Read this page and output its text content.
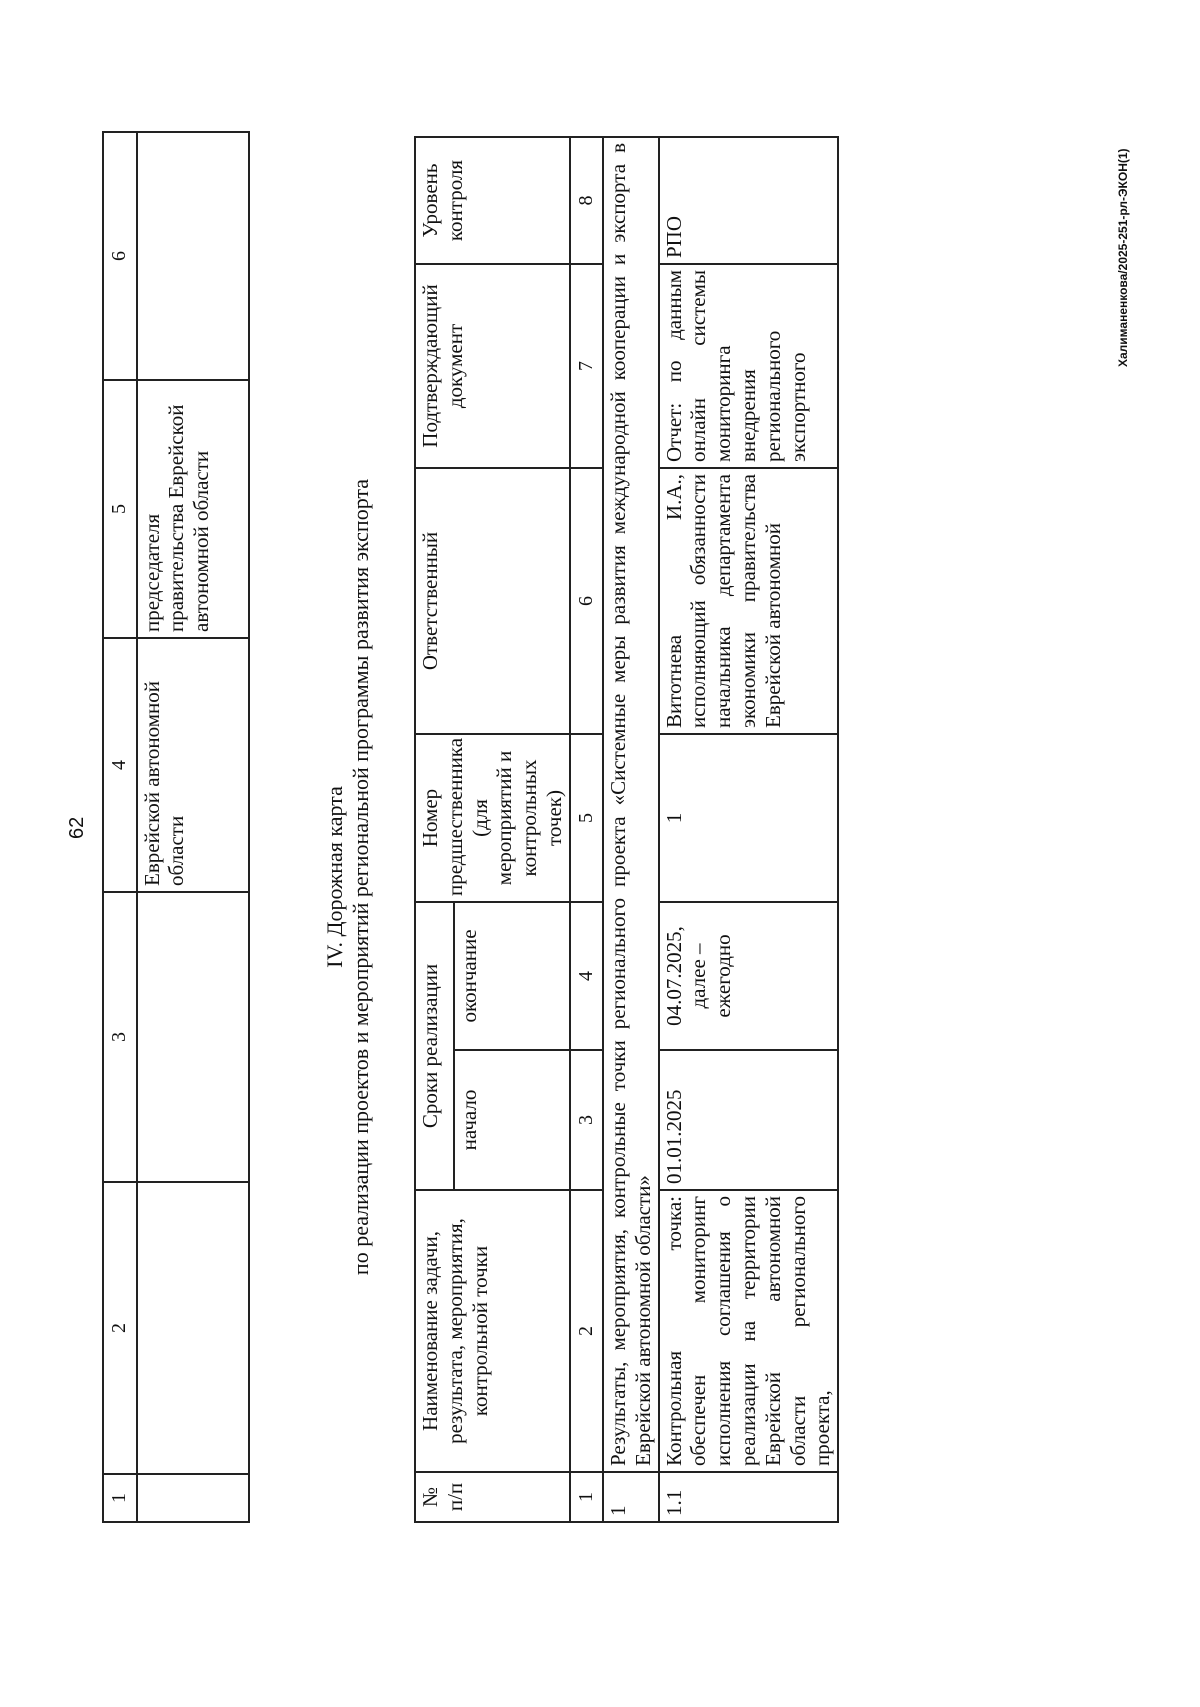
62
1	2	3	4	5	6
			Еврейской автономной области	председателя правительства Еврейской автономной области	
IV. Дорожная карта по реализации проектов и мероприятий региональной программы развития экспорта
№ п/п	Наименование задачи, результата, мероприятия, контрольной точки	Сроки реализации		Номер предшественника (для мероприятий и контрольных точек)	Ответственный	Подтверждающий документ	Уровень контроля
		начало	окончание				
1	2	3	4	5	6	7	8
1	Результаты, мероприятия, контрольные точки регионального проекта «Системные меры развития международной кооперации и экспорта в Еврейской автономной области»						
1.1	Контрольная точка: обеспечен мониторинг исполнения соглашения о реализации на территории Еврейской автономной области регионального проекта,	01.01.2025	04.07.2025, далее – ежегодно	1	Витотнева И.А., исполняющий обязанности начальника департамента экономики правительства Еврейской автономной	Отчет: по данным онлайн системы мониторинга внедрения регионального экспортного	РПО	Халиманенкова/2025-251-рл-ЭКОН(1)
